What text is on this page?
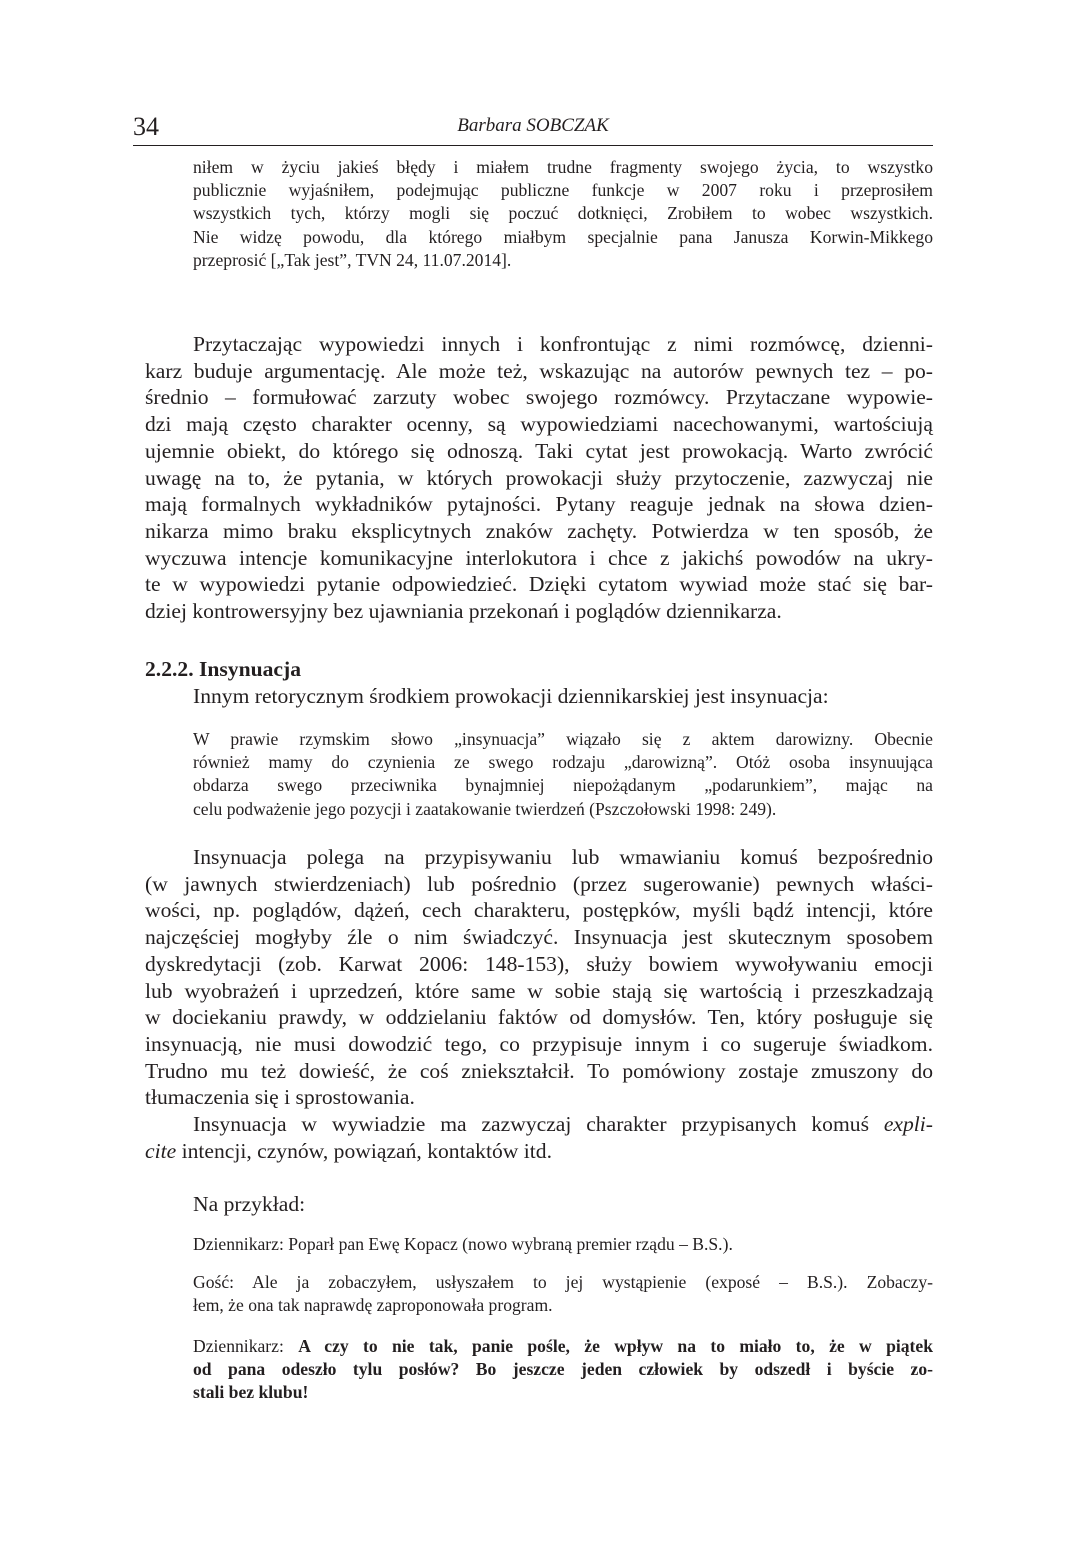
34	Barbara SOBCZAK
niłem w życiu jakieś błędy i miałem trudne fragmenty swojego życia, to wszystko
publicznie wyjaśniłem, podejmując publiczne funkcje w 2007 roku i przeprosiłem
wszystkich tych, którzy mogli się poczuć dotknięci, Zrobiłem to wobec wszystkich.
Nie widzę powodu, dla którego miałbym specjalnie pana Janusza Korwin-Mikkego
przeprosić [„Tak jest”, TVN 24, 11.07.2014].
Przytaczając wypowiedzi innych i konfrontując z nimi rozmówcę, dzienni-
karz buduje argumentację. Ale może też, wskazując na autorów pewnych tez – po-
średnio – formułować zarzuty wobec swojego rozmówcy. Przytaczane wypowie-
dzi mają często charakter ocenny, są wypowiedziami nacechowanymi, wartościują
ujemnie obiekt, do którego się odnoszą. Taki cytat jest prowokacją. Warto zwrócić
uwagę na to, że pytania, w których prowokacji służy przytoczenie, zazwyczaj nie
mają formalnych wykładników pytajności. Pytany reaguje jednak na słowa dzien-
nikarza mimo braku eksplicytnych znaków zachęty. Potwierdza w ten sposób, że
wyczuwa intencje komunikacyjne interlokutora i chce z jakichś powodów na ukry-
te w wypowiedzi pytanie odpowiedzieć. Dzięki cytatom wywiad może stać się bar-
dziej kontrowersyjny bez ujawniania przekonań i poglądów dziennikarza.
2.2.2. Insynuacja
Innym retorycznym środkiem prowokacji dziennikarskiej jest insynuacja:
W prawie rzymskim słowo „insynuacja” wiązało się z aktem darowizny. Obecnie
również mamy do czynienia ze swego rodzaju „darowizną”. Otóż osoba insynuująca
obdarza swego przeciwnika bynajmniej niepożądanym „podarunkiem”, mając na
celu podważenie jego pozycji i zaatakowanie twierdzeń (Pszczołowski 1998: 249).
Insynuacja polega na przypisywaniu lub wmawianiu komuś bezpośrednio
(w jawnych stwierdzeniach) lub pośrednio (przez sugerowanie) pewnych właści-
wości, np. poglądów, dążeń, cech charakteru, postępków, myśli bądź intencji, które
najczęściej mogłyby źle o nim świadczyć. Insynuacja jest skutecznym sposobem
dyskredytacji (zob. Karwat 2006: 148-153), służy bowiem wywoływaniu emocji
lub wyobrażeń i uprzedzeń, które same w sobie stają się wartością i przeszkadzają
w dociekaniu prawdy, w oddzielaniu faktów od domysłów. Ten, który posługuje się
insynuacją, nie musi dowodzić tego, co przypisuje innym i co sugeruje świadkom.
Trudno mu też dowieść, że coś zniekształcił. To pomówiony zostaje zmuszony do
tłumaczenia się i sprostowania.
Insynuacja w wywiadzie ma zazwyczaj charakter przypisanych komuś expli-
cite intencji, czynów, powiązań, kontaktów itd.
Na przykład:
Dziennikarz: Poparł pan Ewę Kopacz (nowo wybraną premier rządu – B.S.).
Gość: Ale ja zobaczyłem, usłyszałem to jej wystąpienie (exposé – B.S.). Zobaczy-
łem, że ona tak naprawdę zaproponowała program.
Dziennikarz: A czy to nie tak, panie pośle, że wpływ na to miało to, że w piątek
od pana odeszło tylu posłów? Bo jeszcze jeden człowiek by odszedł i byście zo-
stali bez klubu!
